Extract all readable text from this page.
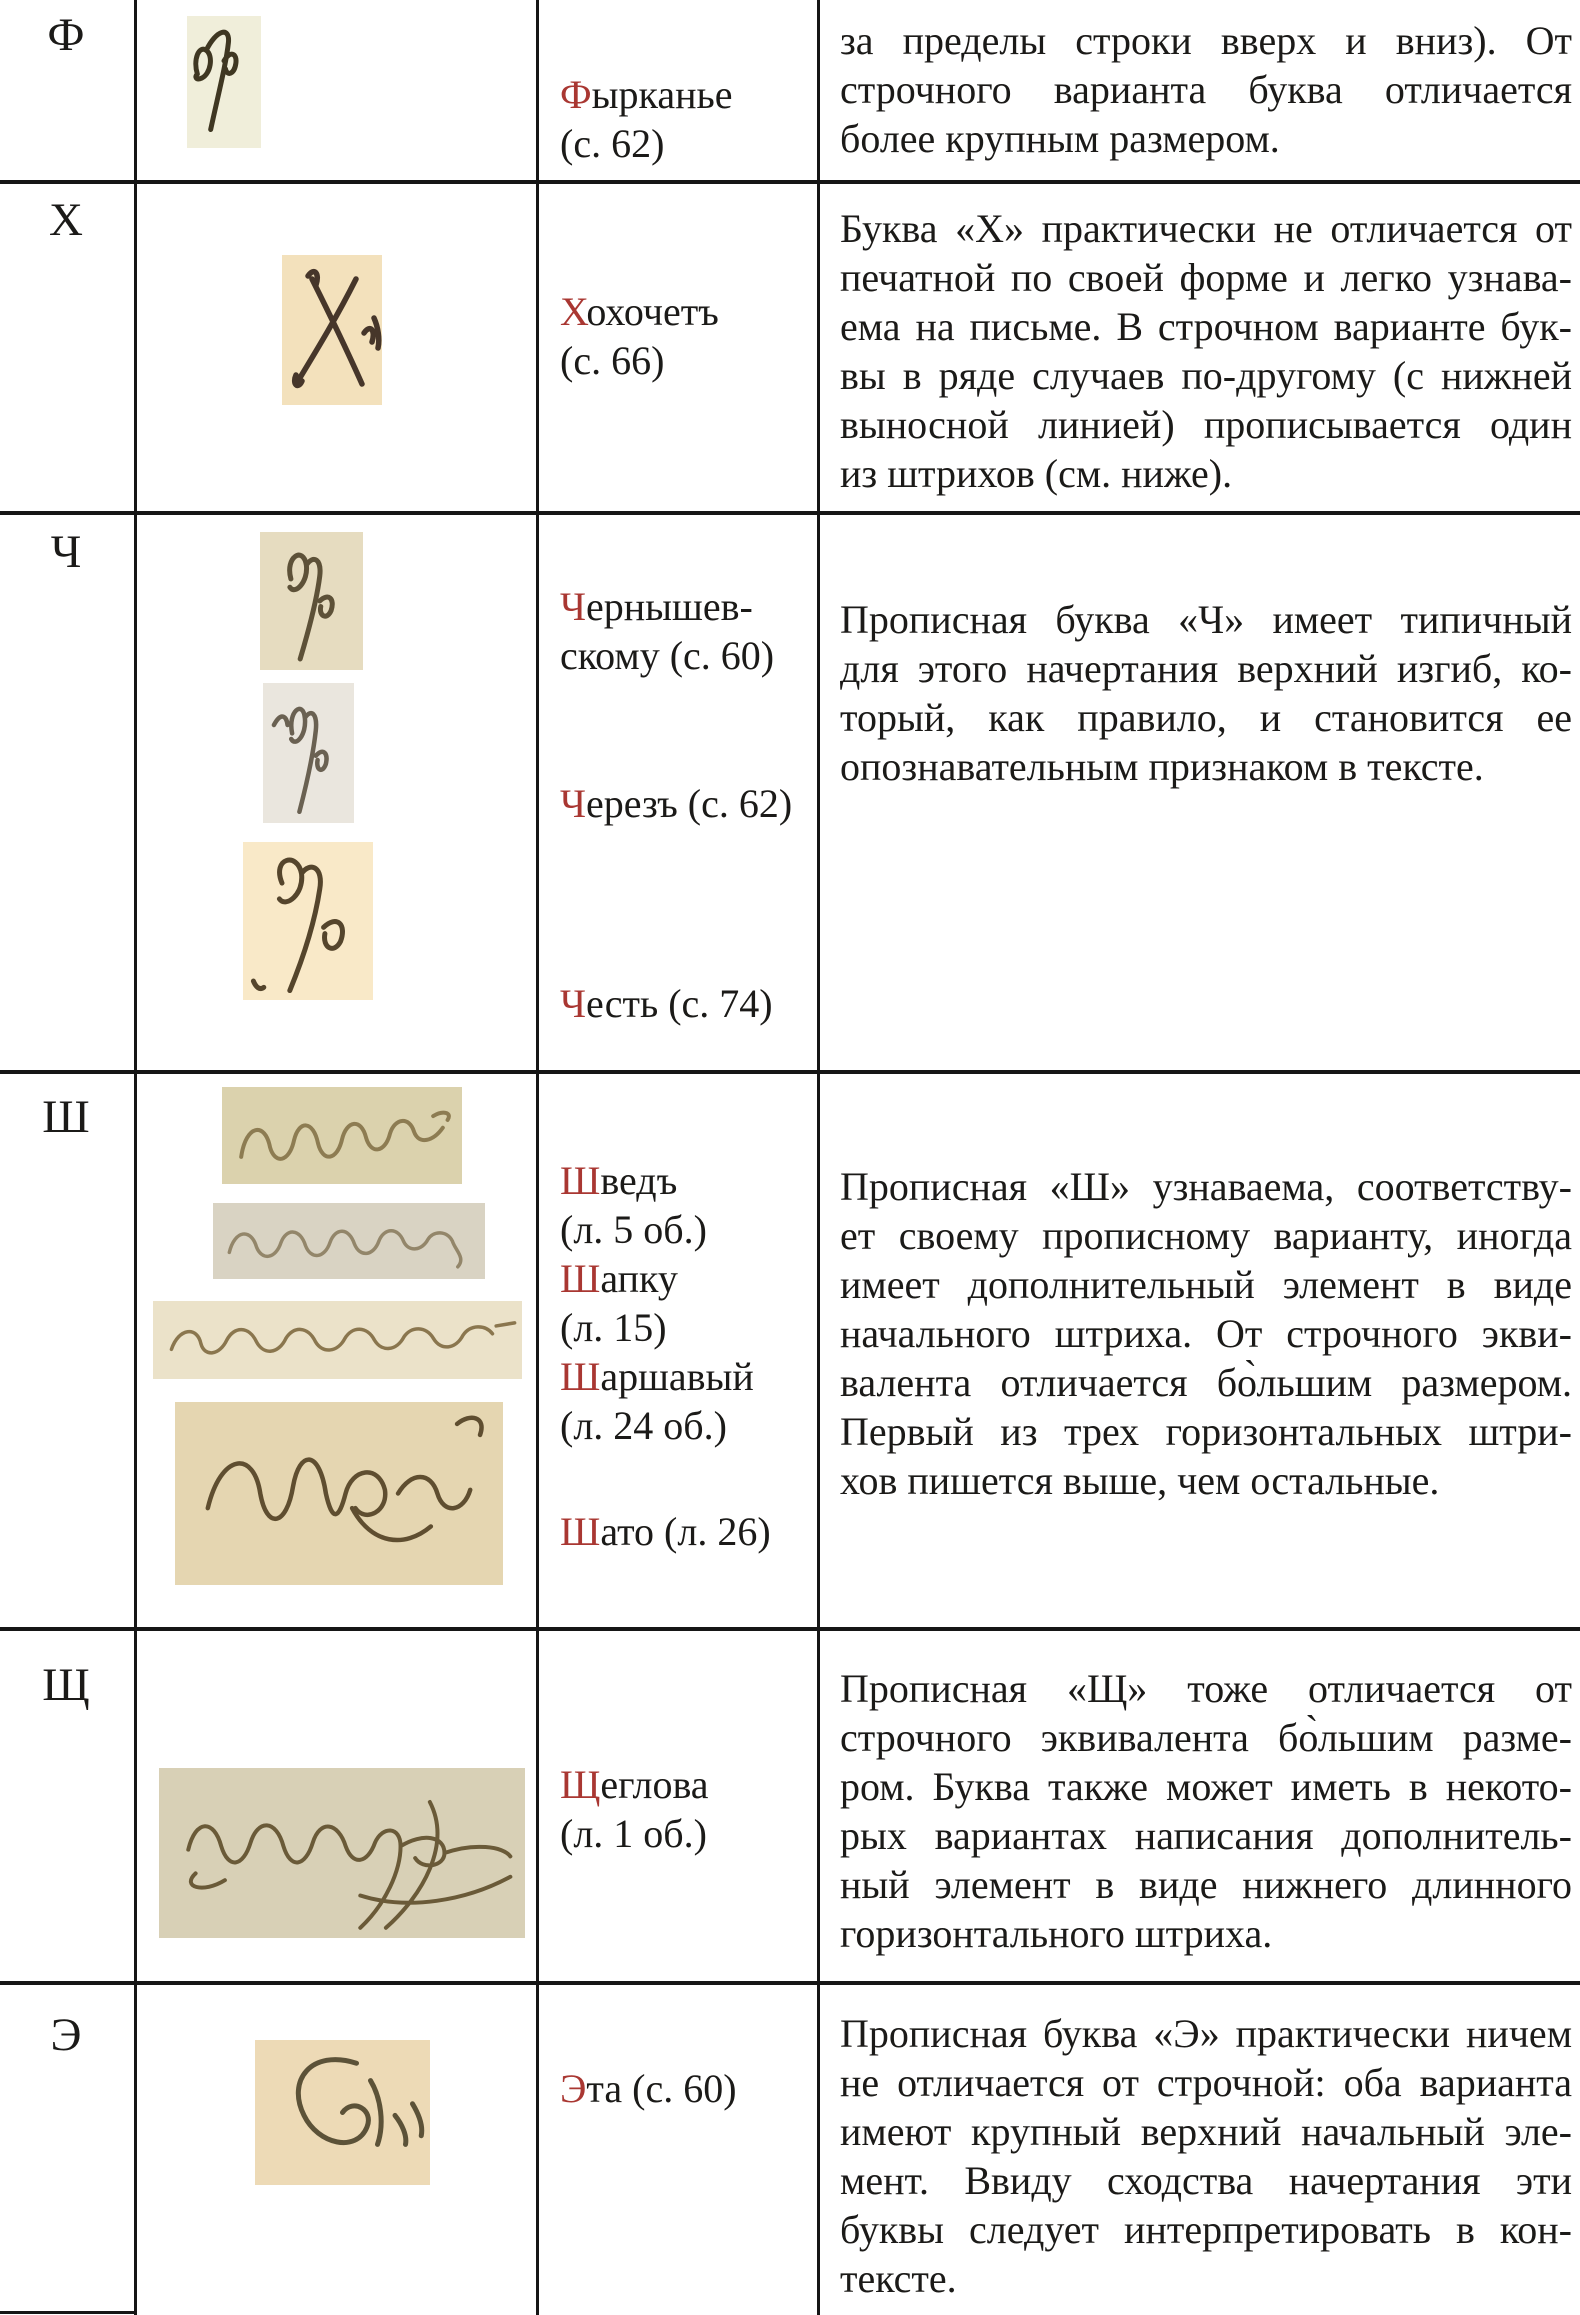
Ф
Фырканье
(с. 62)
за пределы строки вверх и вниз). От
строчного варианта буква отличается
более крупным размером.
Х
Хохочетъ
(с. 66)
Буква «Х» практически не отличается от
печатной по своей форме и легко узнава-
ема на письме. В строчном варианте бук-
вы в ряде случаев по-другому (с нижней
выносной линией) прописывается один
из штрихов (см. ниже).
Ч
Чернышев-
скому (с. 60)
Черезъ (с. 62)
Честь (с. 74)
Прописная буква «Ч» имеет типичный
для этого начертания верхний изгиб, ко-
торый, как правило, и становится ее
опознавательным признаком в тексте.
Ш
Шведъ
(л. 5 об.)
Шапку
(л. 15)
Шаршавый
(л. 24 об.)
Шато (л. 26)
Прописная «Ш» узнаваема, соответству-
ет своему прописному варианту, иногда
имеет дополнительный элемент в виде
начального штриха. От строчного экви-
валента отличается бо̀льшим размером.
Первый из трех горизонтальных штри-
хов пишется выше, чем остальные.
Щ
Щеглова
(л. 1 об.)
Прописная «Щ» тоже отличается от
строчного эквивалента бо̀льшим разме-
ром. Буква также может иметь в некото-
рых вариантах написания дополнитель-
ный элемент в виде нижнего длинного
горизонтального штриха.
Э
Эта (с. 60)
Прописная буква «Э» практически ничем
не отличается от строчной: оба варианта
имеют крупный верхний начальный эле-
мент. Ввиду сходства начертания эти
буквы следует интерпретировать в кон-
тексте.
